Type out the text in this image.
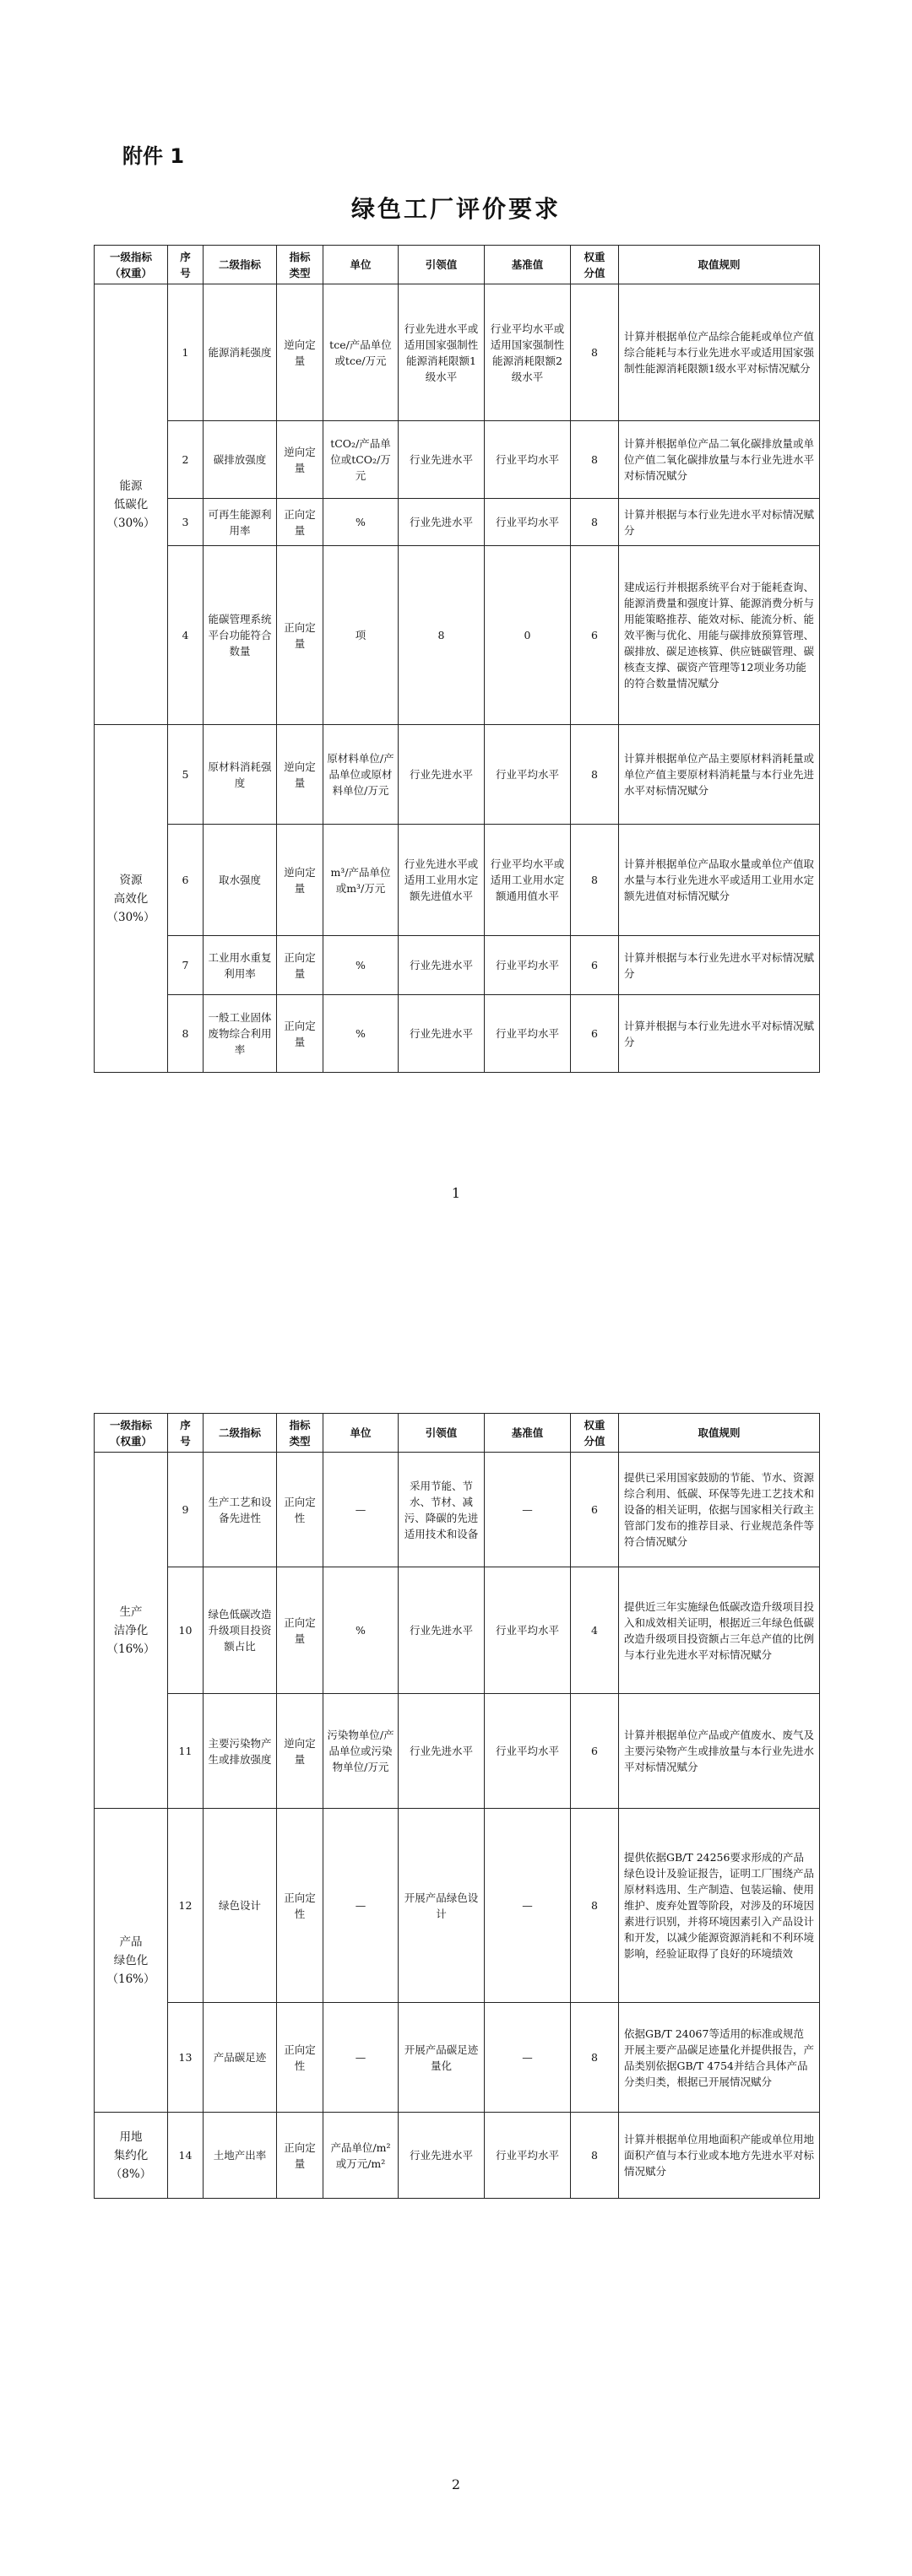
附件 1
绿色工厂评价要求
一级指标
（权重）	序
号	二级指标	指标
类型	单位	引领值	基准值	权重
分值	取值规则
能源
低碳化
（30%）	1	能源消耗强度	逆向定量	tce/产品单位或tce/万元	行业先进水平或适用国家强制性能源消耗限额1级水平	行业平均水平或适用国家强制性能源消耗限额2级水平	8	计算并根据单位产品综合能耗或单位产值综合能耗与本行业先进水平或适用国家强制性能源消耗限额1级水平对标情况赋分
	2	碳排放强度	逆向定量	tCO₂/产品单位或tCO₂/万元	行业先进水平	行业平均水平	8	计算并根据单位产品二氧化碳排放量或单位产值二氧化碳排放量与本行业先进水平对标情况赋分
	3	可再生能源利用率	正向定量	%	行业先进水平	行业平均水平	8	计算并根据与本行业先进水平对标情况赋分
	4	能碳管理系统平台功能符合数量	正向定量	项	8	0	6	建成运行并根据系统平台对于能耗查询、能源消费量和强度计算、能源消费分析与用能策略推荐、能效对标、能流分析、能效平衡与优化、用能与碳排放预算管理、碳排放、碳足迹核算、供应链碳管理、碳核查支撑、碳资产管理等12项业务功能的符合数量情况赋分
资源
高效化
（30%）	5	原材料消耗强度	逆向定量	原材料单位/产品单位或原材料单位/万元	行业先进水平	行业平均水平	8	计算并根据单位产品主要原材料消耗量或单位产值主要原材料消耗量与本行业先进水平对标情况赋分
	6	取水强度	逆向定量	m³/产品单位或m³/万元	行业先进水平或适用工业用水定额先进值水平	行业平均水平或适用工业用水定额通用值水平	8	计算并根据单位产品取水量或单位产值取水量与本行业先进水平或适用工业用水定额先进值对标情况赋分
	7	工业用水重复利用率	正向定量	%	行业先进水平	行业平均水平	6	计算并根据与本行业先进水平对标情况赋分
	8	一般工业固体废物综合利用率	正向定量	%	行业先进水平	行业平均水平	6	计算并根据与本行业先进水平对标情况赋分
1
一级指标
（权重）	序
号	二级指标	指标
类型	单位	引领值	基准值	权重
分值	取值规则
生产
洁净化
（16%）	9	生产工艺和设备先进性	正向定性	—	采用节能、节水、节材、减污、降碳的先进适用技术和设备	—	6	提供已采用国家鼓励的节能、节水、资源综合利用、低碳、环保等先进工艺技术和设备的相关证明，依据与国家相关行政主管部门发布的推荐目录、行业规范条件等符合情况赋分
	10	绿色低碳改造升级项目投资额占比	正向定量	%	行业先进水平	行业平均水平	4	提供近三年实施绿色低碳改造升级项目投入和成效相关证明，根据近三年绿色低碳改造升级项目投资额占三年总产值的比例与本行业先进水平对标情况赋分
	11	主要污染物产生或排放强度	逆向定量	污染物单位/产品单位或污染物单位/万元	行业先进水平	行业平均水平	6	计算并根据单位产品或产值废水、废气及主要污染物产生或排放量与本行业先进水平对标情况赋分
产品
绿色化
（16%）	12	绿色设计	正向定性	—	开展产品绿色设计	—	8	提供依据GB/T 24256要求形成的产品绿色设计及验证报告，证明工厂围绕产品原材料选用、生产制造、包装运输、使用维护、废弃处置等阶段，对涉及的环境因素进行识别，并将环境因素引入产品设计和开发，以减少能源资源消耗和不利环境影响，经验证取得了良好的环境绩效
	13	产品碳足迹	正向定性	—	开展产品碳足迹量化	—	8	依据GB/T 24067等适用的标准或规范开展主要产品碳足迹量化并提供报告，产品类别依据GB/T 4754并结合具体产品分类归类，根据已开展情况赋分
用地
集约化
（8%）	14	土地产出率	正向定量	产品单位/m²或万元/m²	行业先进水平	行业平均水平	8	计算并根据单位用地面积产能或单位用地面积产值与本行业或本地方先进水平对标情况赋分
2
